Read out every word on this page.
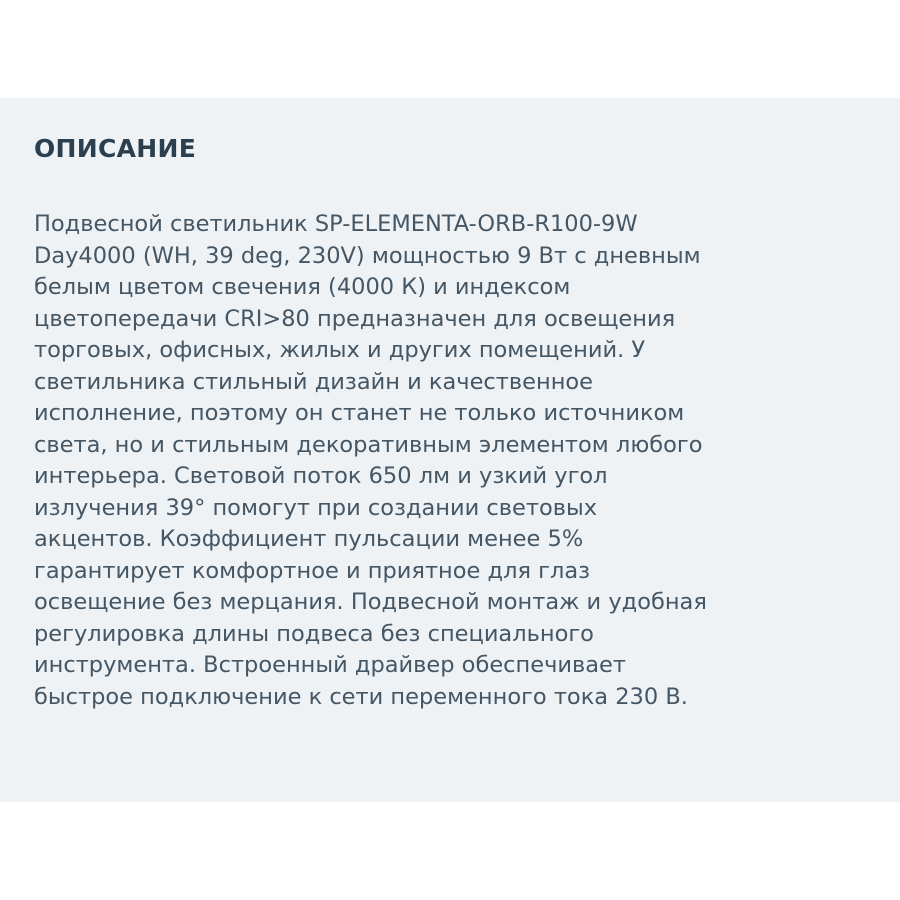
ОПИСАНИЕ
Подвесной светильник SP-ELEMENTA-ORB-R100-9W
Day4000 (WH, 39 deg, 230V) мощностью 9 Вт с дневным
белым цветом свечения (4000 К) и индексом
цветопередачи CRI>80 предназначен для освещения
торговых, офисных, жилых и других помещений. У
светильника стильный дизайн и качественное
исполнение, поэтому он станет не только источником
света, но и стильным декоративным элементом любого
интерьера. Световой поток 650 лм и узкий угол
излучения 39° помогут при создании световых
акцентов. Коэффициент пульсации менее 5%
гарантирует комфортное и приятное для глаз
освещение без мерцания. Подвесной монтаж и удобная
регулировка длины подвеса без специального
инструмента. Встроенный драйвер обеспечивает
быстрое подключение к сети переменного тока 230 В.
